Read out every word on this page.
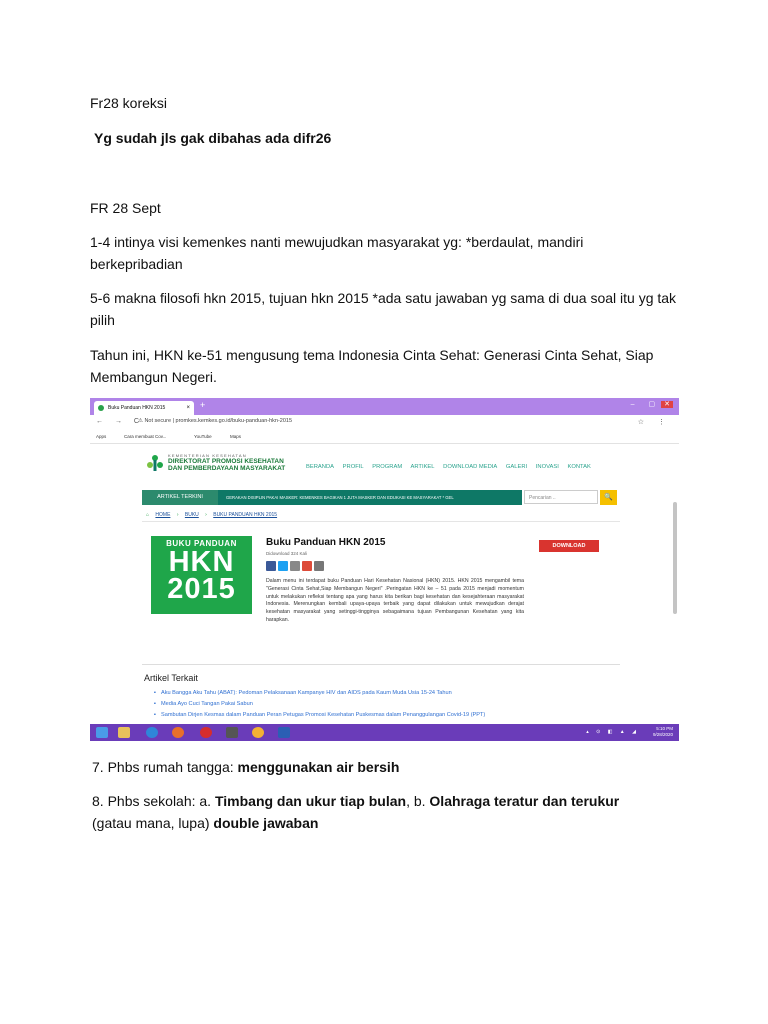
Fr28 koreksi
Yg sudah jls gak dibahas ada difr26
FR 28 Sept
1-4 intinya visi kemenkes nanti mewujudkan masyarakat yg: *berdaulat, mandiri berkepribadian
5-6 makna filosofi hkn 2015, tujuan hkn 2015 *ada satu jawaban yg sama di dua soal itu yg tak pilih
Tahun ini, HKN ke-51 mengusung tema Indonesia Cinta Sehat: Generasi Cinta Sehat, Siap Membangun Negeri.
Buku Panduan HKN 2015	× +	– ▢ ✕
← → C
⚠ Not secure | promkes.kemkes.go.id/buku-panduan-hkn-2015	☆ ⋮
Apps	Cara membuat Cov...	YouTube	Maps
KEMENTERIAN KESEHATAN
DIREKTORAT PROMOSI KESEHATAN
DAN PEMBERDAYAAN MASYARAKAT	BERANDA PROFIL PROGRAM ARTIKEL DOWNLOAD MEDIA GALERI INOVASI KONTAK
ARTIKEL TERKINI	GERAKAN DISIPLIN PAKAI MASKER: KEMENKES BAGIKAN 1 JUTA MASKER DAN EDUKASI KE MASYARAKAT * GEL	Pencarian ..	🔍
⌂ HOME › BUKU › BUKU PANDUAN HKN 2015
BUKU PANDUAN
HKN
2015
Buku Panduan HKN 2015
Didownload 324 Kali
Dalam menu ini terdapat buku Panduan Hari Kesehatan Nasional (HKN) 2015. HKN 2015 mengambil tema "Generasi Cinta Sehat,Siap Membangun Negeri" .Peringatan HKN ke – 51 pada 2015 menjadi momentum untuk melakukan refleksi tentang apa yang harus kita berikan bagi kesehatan dan kesejahteraan masyarakat Indonesia. Merenungkan kembali upaya-upaya terbaik yang dapat dilakukan untuk mewujudkan derajat kesehatan masyarakat yang setinggi-tingginya sebagaimana tujuan Pembangunan Kesehatan yang kita harapkan.
DOWNLOAD
Artikel Terkait
▪ Aku Bangga Aku Tahu (ABAT): Pedoman Pelaksanaan Kampanye HIV dan AIDS pada Kaum Muda Usia 15-24 Tahun
▪ Media Ayo Cuci Tangan Pakai Sabun
▪ Sambutan Dirjen Kesmas dalam Panduan Peran Petugas Promosi Kesehatan Puskesmas dalam Penanggulangan Covid-19 (PPT)
▴ ⊙ ◧ ▲ ◢
5:10 PM
9/28/2020
7. Phbs rumah tangga: menggunakan air bersih
8. Phbs sekolah: a. Timbang dan ukur tiap bulan, b. Olahraga teratur dan terukur (gatau mana, lupa) double jawaban
